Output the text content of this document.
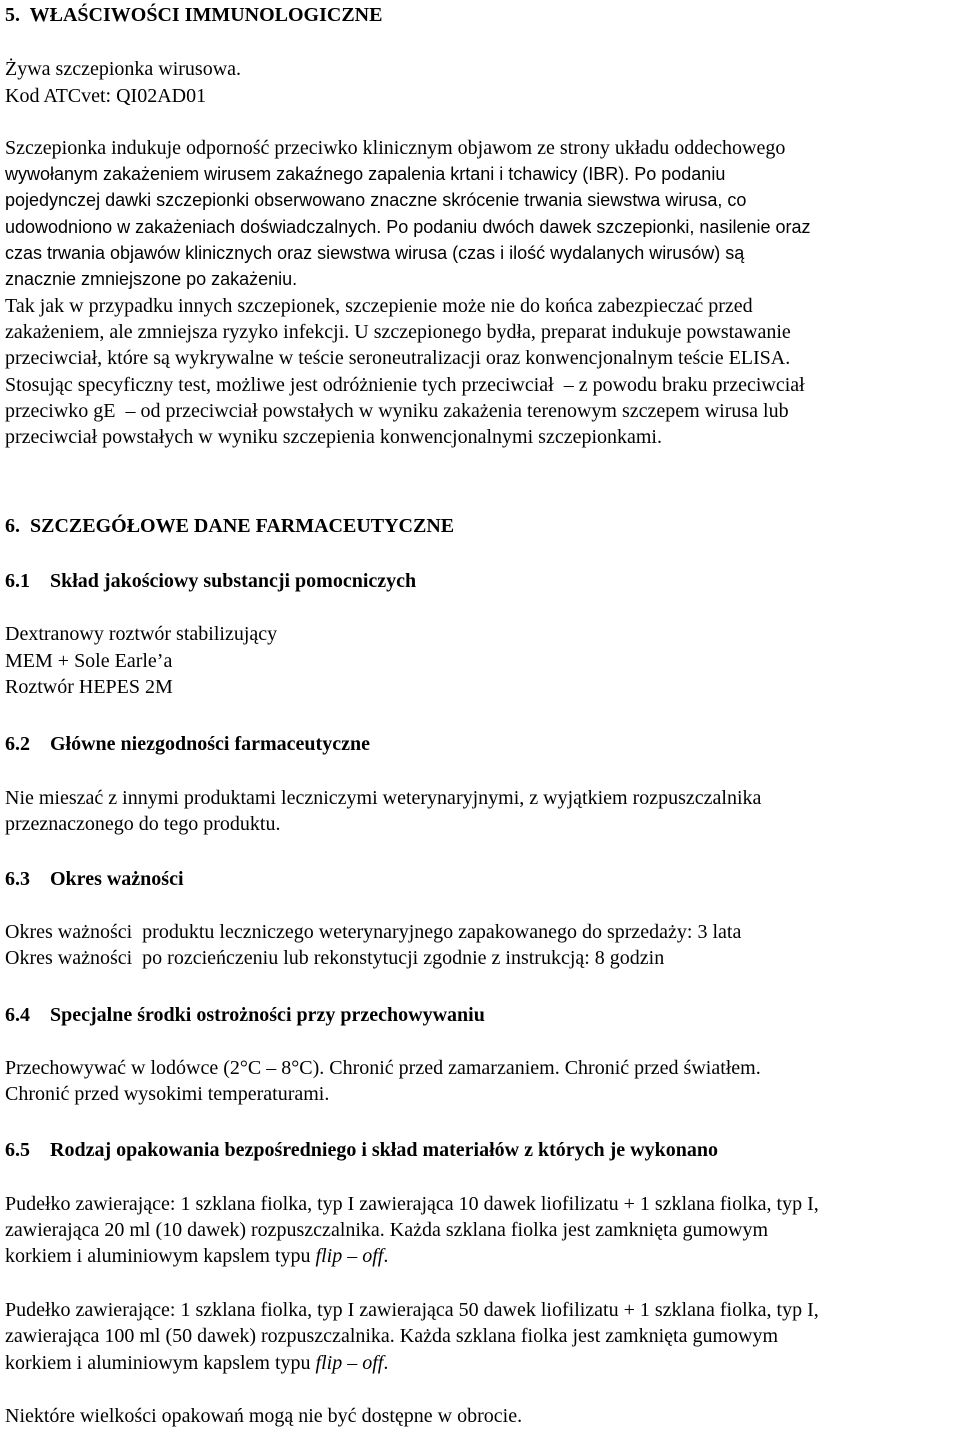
5.  WŁAŚCIWOŚCI IMMUNOLOGICZNE

Żywa szczepionka wirusowa.

Kod ATCvet: QI02AD01

Szczepionka indukuje odporność przeciwko klinicznym objawom ze strony układu oddechowego

wywołanym zakażeniem wirusem zakaźnego zapalenia krtani i tchawicy (IBR). Po podaniu

pojedynczej dawki szczepionki obserwowano znaczne skrócenie trwania siewstwa wirusa, co

udowodniono w zakażeniach doświadczalnych. Po podaniu dwóch dawek szczepionki, nasilenie oraz

czas trwania objawów klinicznych oraz siewstwa wirusa (czas i ilość wydalanych wirusów) są

znacznie zmniejszone po zakażeniu.

Tak jak w przypadku innych szczepionek, szczepienie może nie do końca zabezpieczać przed

zakażeniem, ale zmniejsza ryzyko infekcji. U szczepionego bydła, preparat indukuje powstawanie

przeciwciał, które są wykrywalne w teście seroneutralizacji oraz konwencjonalnym teście ELISA.

Stosując specyficzny test, możliwe jest odróżnienie tych przeciwciał  – z powodu braku przeciwciał

przeciwko gE  – od przeciwciał powstałych w wyniku zakażenia terenowym szczepem wirusa lub

przeciwciał powstałych w wyniku szczepienia konwencjonalnymi szczepionkami.

6.  SZCZEGÓŁOWE DANE FARMACEUTYCZNE

6.1    Skład jakościowy substancji pomocniczych

Dextranowy roztwór stabilizujący

MEM + Sole Earle’a

Roztwór HEPES 2M

6.2    Główne niezgodności farmaceutyczne

Nie mieszać z innymi produktami leczniczymi weterynaryjnymi, z wyjątkiem rozpuszczalnika

przeznaczonego do tego produktu.

6.3    Okres ważności

Okres ważności  produktu leczniczego weterynaryjnego zapakowanego do sprzedaży: 3 lata

Okres ważności  po rozcieńczeniu lub rekonstytucji zgodnie z instrukcją: 8 godzin

6.4    Specjalne środki ostrożności przy przechowywaniu

Przechowywać w lodówce (2°C – 8°C). Chronić przed zamarzaniem. Chronić przed światłem.

Chronić przed wysokimi temperaturami.

6.5    Rodzaj opakowania bezpośredniego i skład materiałów z których je wykonano

Pudełko zawierające: 1 szklana fiolka, typ I zawierająca 10 dawek liofilizatu + 1 szklana fiolka, typ I,

zawierająca 20 ml (10 dawek) rozpuszczalnika. Każda szklana fiolka jest zamknięta gumowym

korkiem i aluminiowym kapslem typu flip – off.

Pudełko zawierające: 1 szklana fiolka, typ I zawierająca 50 dawek liofilizatu + 1 szklana fiolka, typ I,

zawierająca 100 ml (50 dawek) rozpuszczalnika. Każda szklana fiolka jest zamknięta gumowym

korkiem i aluminiowym kapslem typu flip – off.

Niektóre wielkości opakowań mogą nie być dostępne w obrocie.
